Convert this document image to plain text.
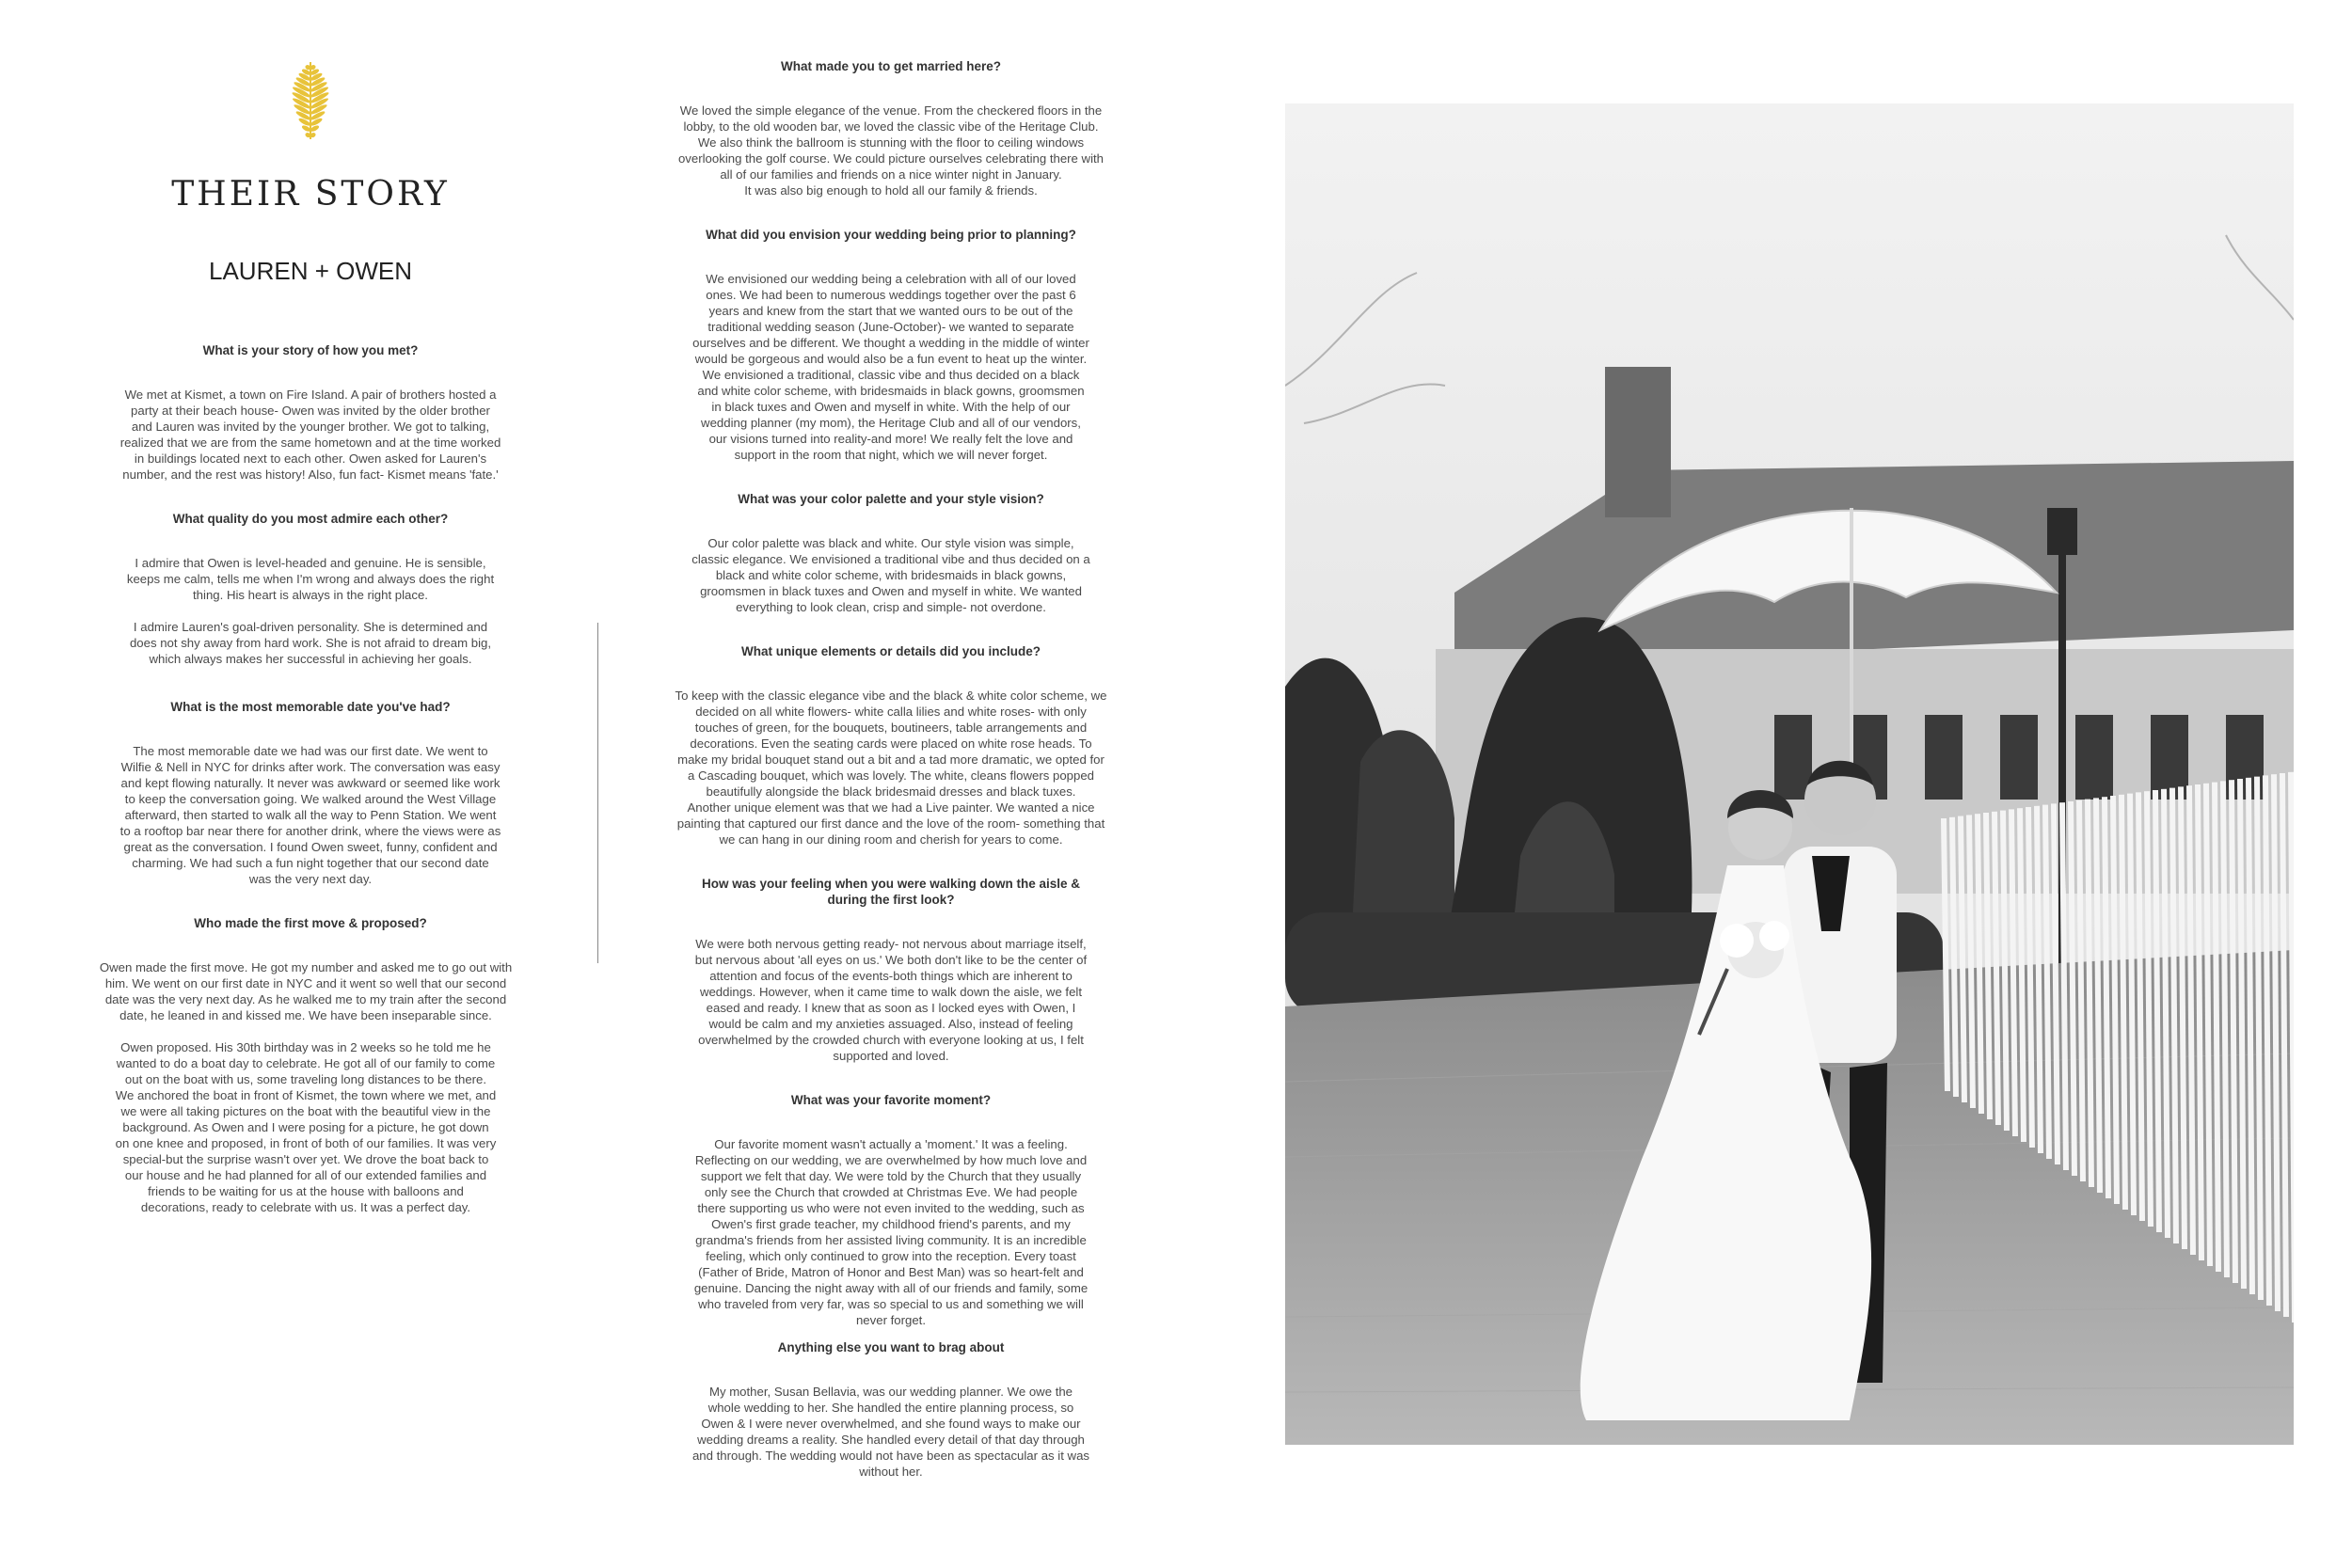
THEIR STORY
LAUREN + OWEN
What is your story of how you met?
We met at Kismet, a town on Fire Island. A pair of brothers hosted a
party at their beach house- Owen was invited by the older brother
and Lauren was invited by the younger brother. We got to talking,
realized that we are from the same hometown and at the time worked
in buildings located next to each other. Owen asked for Lauren's
number, and the rest was history! Also, fun fact- Kismet means 'fate.'
What quality do you most admire each other?
I admire that Owen is level-headed and genuine. He is sensible,
keeps me calm, tells me when I'm wrong and always does the right
thing. His heart is always in the right place.

I admire Lauren's goal-driven personality. She is determined and
does not shy away from hard work. She is not afraid to dream big,
which always makes her successful in achieving her goals.
What is the most memorable date you've had?
The most memorable date we had was our first date. We went to
Wilfie & Nell in NYC for drinks after work. The conversation was easy
and kept flowing naturally. It never was awkward or seemed like work
to keep the conversation going. We walked around the West Village
afterward, then started to walk all the way to Penn Station. We went
to a rooftop bar near there for another drink, where the views were as
great as the conversation. I found Owen sweet, funny, confident and
charming. We had such a fun night together that our second date
was the very next day.
Who made the first move & proposed?
Owen made the first move. He got my number and asked me to go out with
him. We went on our first date in NYC and it went so well that our second
date was the very next day. As he walked me to my train after the second
date, he leaned in and kissed me. We have been inseparable since.

Owen proposed. His 30th birthday was in 2 weeks so he told me he
wanted to do a boat day to celebrate. He got all of our family to come
out on the boat with us, some traveling long distances to be there.
We anchored the boat in front of Kismet, the town where we met, and
we were all taking pictures on the boat with the beautiful view in the
background. As Owen and I were posing for a picture, he got down
on one knee and proposed, in front of both of our families. It was very
special-but the surprise wasn't over yet. We drove the boat back to
our house and he had planned for all of our extended families and
friends to be waiting for us at the house with balloons and
decorations, ready to celebrate with us. It was a perfect day.
What made you to get married here?
We loved the simple elegance of the venue. From the checkered floors in the
lobby, to the old wooden bar, we loved the classic vibe of the Heritage Club.
We also think the ballroom is stunning with the floor to ceiling windows
overlooking the golf course. We could picture ourselves celebrating there with
all of our families and friends on a nice winter night in January.
It was also big enough to hold all our family & friends.
What did you envision your wedding being prior to planning?
We envisioned our wedding being a celebration with all of our loved
ones. We had been to numerous weddings together over the past 6
years and knew from the start that we wanted ours to be out of the
traditional wedding season (June-October)- we wanted to separate
ourselves and be different. We thought a wedding in the middle of winter
would be gorgeous and would also be a fun event to heat up the winter.
We envisioned a traditional, classic vibe and thus decided on a black
and white color scheme, with bridesmaids in black gowns, groomsmen
in black tuxes and Owen and myself in white. With the help of our
wedding planner (my mom), the Heritage Club and all of our vendors,
our visions turned into reality-and more! We really felt the love and
support in the room that night, which we will never forget.
What was your color palette and your style vision?
Our color palette was black and white. Our style vision was simple,
classic elegance. We envisioned a traditional vibe and thus decided on a
black and white color scheme, with bridesmaids in black gowns,
groomsmen in black tuxes and Owen and myself in white. We wanted
everything to look clean, crisp and simple- not overdone.
What unique elements or details did you include?
To keep with the classic elegance vibe and the black & white color scheme, we
decided on all white flowers- white calla lilies and white roses- with only
touches of green, for the bouquets, boutineers, table arrangements and
decorations. Even the seating cards were placed on white rose heads. To
make my bridal bouquet stand out a bit and a tad more dramatic, we opted for
a Cascading bouquet, which was lovely. The white, cleans flowers popped
beautifully alongside the black bridesmaid dresses and black tuxes.
Another unique element was that we had a Live painter. We wanted a nice
painting that captured our first dance and the love of the room- something that
we can hang in our dining room and cherish for years to come.
How was your feeling when you were walking down the aisle &
during the first look?
We were both nervous getting ready- not nervous about marriage itself,
but nervous about 'all eyes on us.' We both don't like to be the center of
attention and focus of the events-both things which are inherent to
weddings. However, when it came time to walk down the aisle, we felt
eased and ready. I knew that as soon as I locked eyes with Owen, I
would be calm and my anxieties assuaged. Also, instead of feeling
overwhelmed by the crowded church with everyone looking at us, I felt
supported and loved.
What was your favorite moment?
Our favorite moment wasn't actually a 'moment.' It was a feeling.
Reflecting on our wedding, we are overwhelmed by how much love and
support we felt that day. We were told by the Church that they usually
only see the Church that crowded at Christmas Eve. We had people
there supporting us who were not even invited to the wedding, such as
Owen's first grade teacher, my childhood friend's parents, and my
grandma's friends from her assisted living community. It is an incredible
feeling, which only continued to grow into the reception. Every toast
(Father of Bride, Matron of Honor and Best Man) was so heart-felt and
genuine. Dancing the night away with all of our friends and family, some
who traveled from very far, was so special to us and something we will
never forget.
Anything else you want to brag about
My mother, Susan Bellavia, was our wedding planner. We owe the
whole wedding to her. She handled the entire planning process, so
Owen & I were never overwhelmed, and she found ways to make our
wedding dreams a reality. She handled every detail of that day through
and through. The wedding would not have been as spectacular as it was
without her.
